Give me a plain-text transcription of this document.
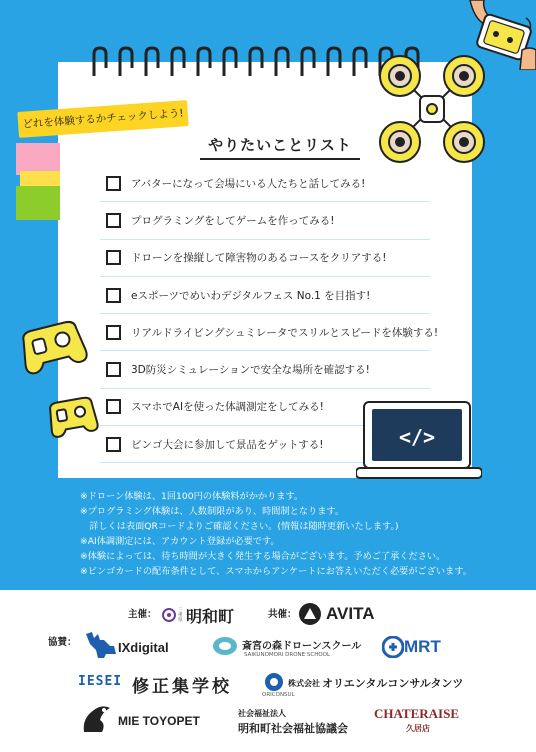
どれを体験するかチェックしよう!
やりたいことリスト
アバターになって会場にいる人たちと話してみる!
プログラミングをしてゲームを作ってみる!
ドローンを操縦して障害物のあるコースをクリアする!
eスポーツでめいわデジタルフェス No.1 を目指す!
リアルドライビングシュミレータでスリルとスピードを体験する!
3D防災シミュレーションで安全な場所を確認する!
スマホでAIを使った体調測定をしてみる!
ビンゴ大会に参加して景品をゲットする!	</>
※ドローン体験は、1回100円の体験料がかかります。
※プログラミング体験は、人数制限があり、時間制となります。
　詳しくは表面QRコードよりご確認ください。(情報は随時更新いたします。)
※AI体調測定には、アカウント登録が必要です。
※体験によっては、待ち時間が大きく発生する場合がございます。予めご了承ください。
※ビンゴカードの配布条件として、スマホからアンケートにお答えいただく必要がございます。
主催：	三重県 明和町	共催： AVITA
協賛：	IXdigital	斎宮の森ドローンスクール
SAIKUNOMORI DRONE SCHOOL	MRT
IESEI 修正集学校	ORICONSUL
株式会社 オリエンタルコンサルタンツ
MIE TOYOPET
社会福祉法人
明和町社会福祉協議会
CHATERAISE
久居店
